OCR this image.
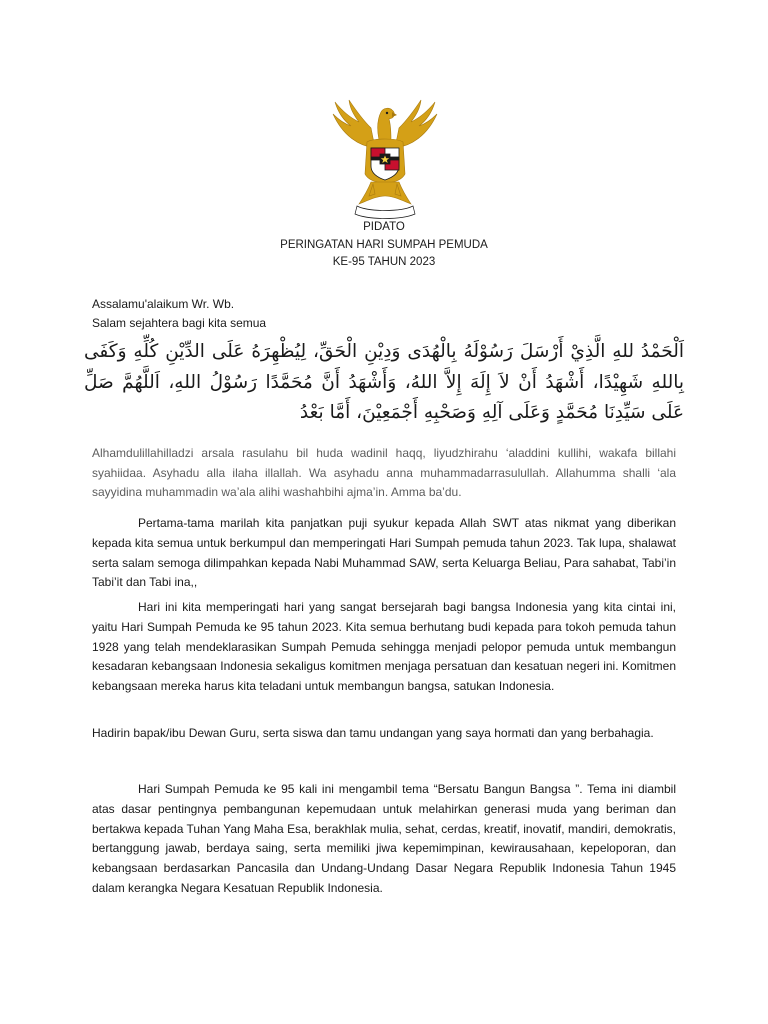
PIDATO
PERINGATAN HARI SUMPAH PEMUDA
KE-95 TAHUN 2023
Assalamu'alaikum Wr. Wb.
Salam sejahtera bagi kita semua
اَلْحَمْدُ للهِ الَّذِيْ أَرْسَلَ رَسُوْلَهُ بِالْهُدَى وَدِيْنِ الْحَقِّ، لِيُظْهِرَهُ عَلَى الدِّيْنِ كُلِّهِ وَكَفَى بِاللهِ شَهِيْدًا، أَشْهَدُ أَنْ لاَ إِلَهَ إِلاَّ اللهُ، وَأَشْهَدُ أَنَّ مُحَمَّدًا رَسُوْلُ اللهِ، اَللَّهُمَّ صَلِّ عَلَى سَيِّدِنَا مُحَمَّدٍ وَعَلَى آلِهِ وَصَحْبِهِ أَجْمَعِيْنَ، أَمَّا بَعْدُ
Alhamdulillahilladzi arsala rasulahu bil huda wadinil haqq, liyudzhirahu ‘aladdini kullihi, wakafa billahi syahiidaa. Asyhadu alla ilaha illallah. Wa asyhadu anna muhammadarrasulullah. Allahumma shalli ‘ala sayyidina muhammadin wa’ala alihi washahbihi ajma’in. Amma ba’du.
Pertama-tama marilah kita panjatkan puji syukur kepada Allah SWT atas nikmat yang diberikan kepada kita semua untuk berkumpul dan memperingati Hari Sumpah pemuda tahun 2023. Tak lupa, shalawat serta salam semoga dilimpahkan kepada Nabi Muhammad SAW, serta Keluarga Beliau, Para sahabat, Tabi’in Tabi’it dan Tabi ina,,
Hari ini kita memperingati hari yang sangat bersejarah bagi bangsa Indonesia yang kita cintai ini, yaitu Hari Sumpah Pemuda ke 95 tahun 2023. Kita semua berhutang budi kepada para tokoh pemuda tahun 1928 yang telah mendeklarasikan Sumpah Pemuda sehingga menjadi pelopor pemuda untuk membangun kesadaran kebangsaan Indonesia sekaligus komitmen menjaga persatuan dan kesatuan negeri ini. Komitmen kebangsaan mereka harus kita teladani untuk membangun bangsa, satukan Indonesia.
Hadirin bapak/ibu Dewan Guru, serta siswa dan tamu undangan yang saya hormati dan yang berbahagia.
Hari Sumpah Pemuda ke 95 kali ini mengambil tema “Bersatu Bangun Bangsa ”. Tema ini diambil atas dasar pentingnya pembangunan kepemudaan untuk melahirkan generasi muda yang beriman dan bertakwa kepada Tuhan Yang Maha Esa, berakhlak mulia, sehat, cerdas, kreatif, inovatif, mandiri, demokratis, bertanggung jawab, berdaya saing, serta memiliki jiwa kepemimpinan, kewirausahaan, kepeloporan, dan kebangsaan berdasarkan Pancasila dan Undang-Undang Dasar Negara Republik Indonesia Tahun 1945 dalam kerangka Negara Kesatuan Republik Indonesia.
